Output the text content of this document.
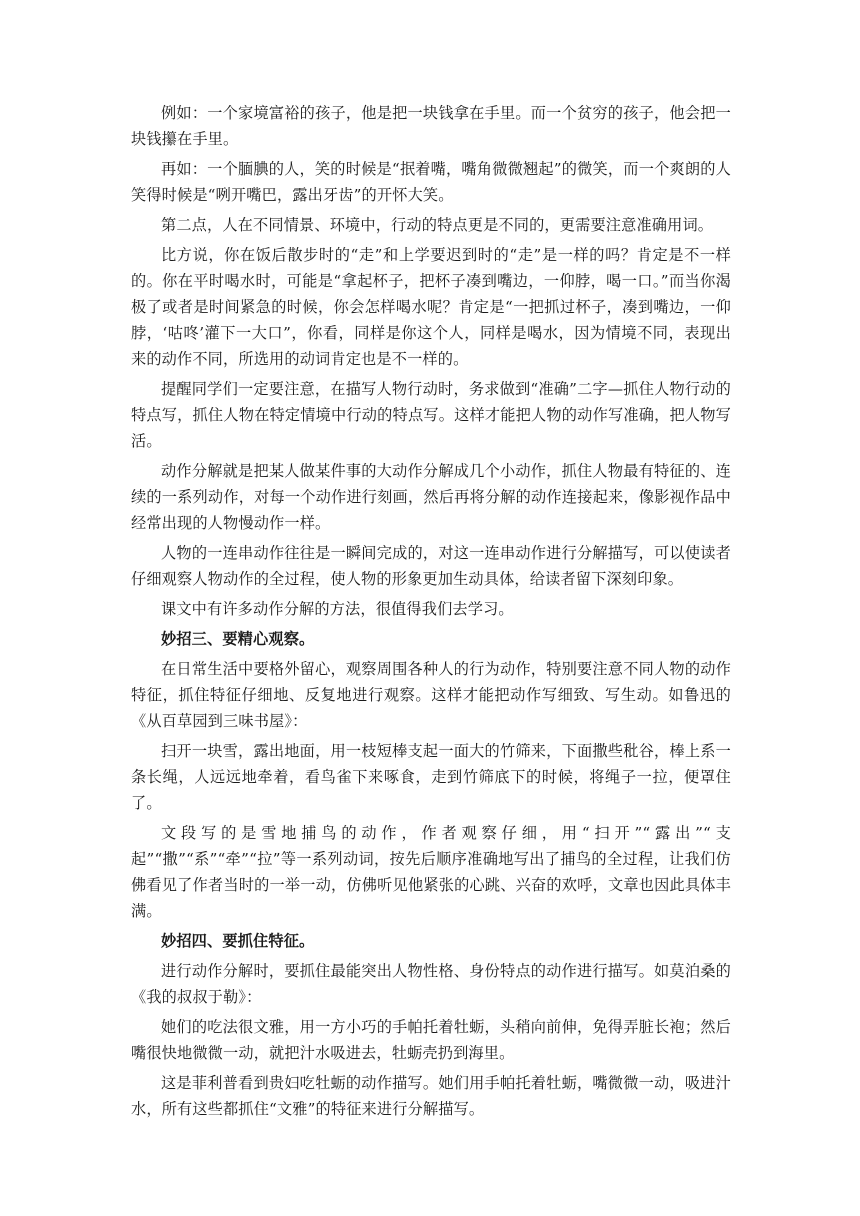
例如：一个家境富裕的孩子，他是把一块钱拿在手里。而一个贫穷的孩子，他会把一块钱攥在手里。

再如：一个腼腆的人，笑的时候是“抿着嘴，嘴角微微翘起”的微笑，而一个爽朗的人笑得时候是“咧开嘴巴，露出牙齿”的开怀大笑。

第二点，人在不同情景、环境中，行动的特点更是不同的，更需要注意准确用词。

比方说，你在饭后散步时的“走”和上学要迟到时的“走”是一样的吗？肯定是不一样的。你在平时喝水时，可能是“拿起杯子，把杯子凑到嘴边，一仰脖，喝一口。”而当你渴极了或者是时间紧急的时候，你会怎样喝水呢？肯定是“一把抓过杯子，凑到嘴边，一仰脖，‘咕咚’灌下一大口”，你看，同样是你这个人，同样是喝水，因为情境不同，表现出来的动作不同，所选用的动词肯定也是不一样的。

提醒同学们一定要注意，在描写人物行动时，务求做到“准确”二字—抓住人物行动的特点写，抓住人物在特定情境中行动的特点写。这样才能把人物的动作写准确，把人物写活。

动作分解就是把某人做某件事的大动作分解成几个小动作，抓住人物最有特征的、连续的一系列动作，对每一个动作进行刻画，然后再将分解的动作连接起来，像影视作品中经常出现的人物慢动作一样。

人物的一连串动作往往是一瞬间完成的，对这一连串动作进行分解描写，可以使读者仔细观察人物动作的全过程，使人物的形象更加生动具体，给读者留下深刻印象。

课文中有许多动作分解的方法，很值得我们去学习。

妙招三、要精心观察。

在日常生活中要格外留心，观察周围各种人的行为动作，特别要注意不同人物的动作特征，抓住特征仔细地、反复地进行观察。这样才能把动作写细致、写生动。如鲁迅的《从百草园到三味书屋》：

扫开一块雪，露出地面，用一枝短棒支起一面大的竹筛来，下面撒些秕谷，棒上系一条长绳，人远远地牵着，看鸟雀下来啄食，走到竹筛底下的时候，将绳子一拉，便罩住了。

文段写的是雪地捕鸟的动作，作者观察仔细，用“扫开”“露出”“支起”“撒”“系”“牵”“拉”等一系列动词，按先后顺序准确地写出了捕鸟的全过程，让我们仿佛看见了作者当时的一举一动，仿佛听见他紧张的心跳、兴奋的欢呼，文章也因此具体丰满。

妙招四、要抓住特征。

进行动作分解时，要抓住最能突出人物性格、身份特点的动作进行描写。如莫泊桑的《我的叔叔于勒》：

她们的吃法很文雅，用一方小巧的手帕托着牡蛎，头稍向前伸，免得弄脏长袍；然后嘴很快地微微一动，就把汁水吸进去，牡蛎壳扔到海里。

这是菲利普看到贵妇吃牡蛎的动作描写。她们用手帕托着牡蛎，嘴微微一动，吸进汁水，所有这些都抓住“文雅”的特征来进行分解描写。
